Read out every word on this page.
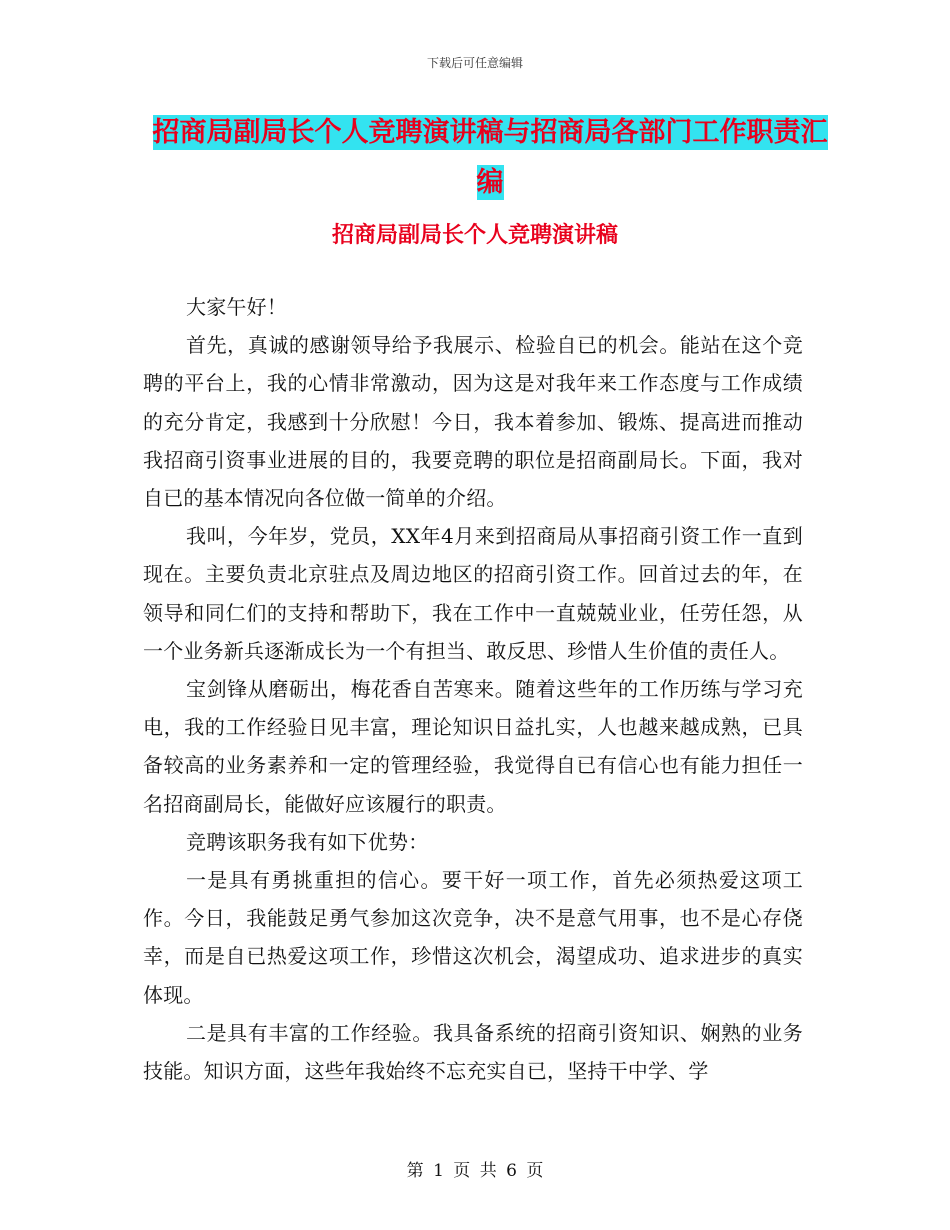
下载后可任意编辑
招商局副局长个人竞聘演讲稿与招商局各部门工作职责汇编
招商局副局长个人竞聘演讲稿

大家午好！

首先，真诚的感谢领导给予我展示、检验自已的机会。能站在这个竞聘的平台上，我的心情非常激动，因为这是对我年来工作态度与工作成绩的充分肯定，我感到十分欣慰！今日，我本着参加、锻炼、提高进而推动我招商引资事业进展的目的，我要竞聘的职位是招商副局长。下面，我对自已的基本情况向各位做一简单的介绍。

我叫，今年岁，党员，XX年4月来到招商局从事招商引资工作一直到现在。主要负责北京驻点及周边地区的招商引资工作。回首过去的年，在领导和同仁们的支持和帮助下，我在工作中一直兢兢业业，任劳任怨，从一个业务新兵逐渐成长为一个有担当、敢反思、珍惜人生价值的责任人。

宝剑锋从磨砺出，梅花香自苦寒来。随着这些年的工作历练与学习充电，我的工作经验日见丰富，理论知识日益扎实，人也越来越成熟，已具备较高的业务素养和一定的管理经验，我觉得自已有信心也有能力担任一名招商副局长，能做好应该履行的职责。

竞聘该职务我有如下优势：

一是具有勇挑重担的信心。要干好一项工作，首先必须热爱这项工作。今日，我能鼓足勇气参加这次竞争，决不是意气用事，也不是心存侥幸，而是自已热爱这项工作，珍惜这次机会，渴望成功、追求进步的真实体现。

二是具有丰富的工作经验。我具备系统的招商引资知识、娴熟的业务技能。知识方面，这些年我始终不忘充实自已，坚持干中学、学

第 1 页 共 6 页
